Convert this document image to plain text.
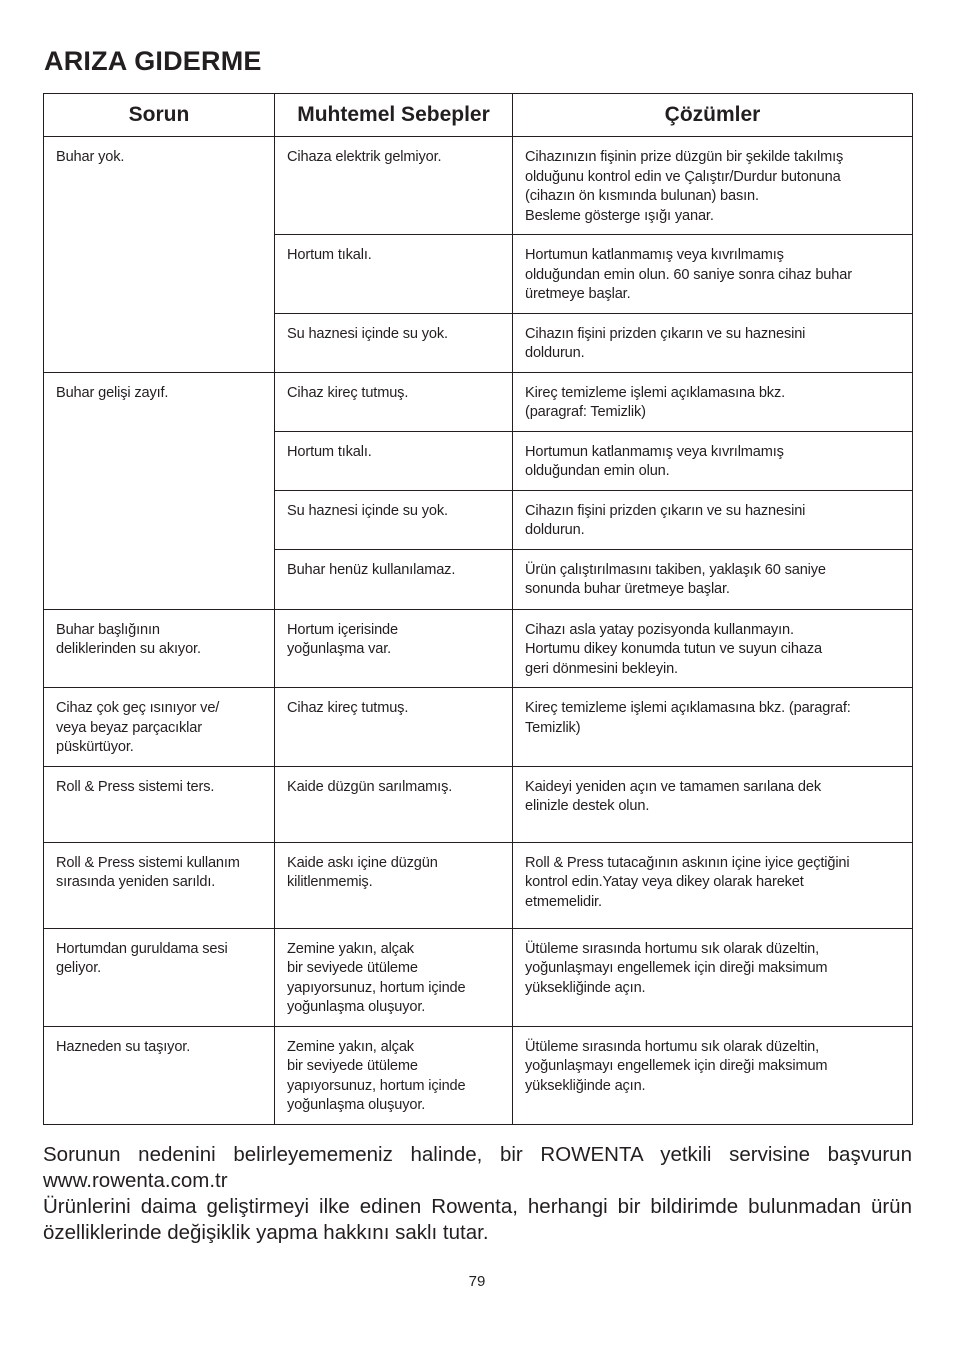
ARIZA GIDERME
Sorun	Muhtemel Sebepler	Çözümler
Buhar yok.	Cihaza elektrik gelmiyor.	Cihazınızın fişinin prize düzgün bir şekilde takılmış
olduğunu kontrol edin ve Çalıştır/Durdur butonuna
(cihazın ön kısmında bulunan) basın.
Besleme gösterge ışığı yanar.
	Hortum tıkalı.	Hortumun katlanmamış veya kıvrılmamış
olduğundan emin olun. 60 saniye sonra cihaz buhar
üretmeye başlar.
	Su haznesi içinde su yok.	Cihazın fişini prizden çıkarın ve su haznesini
doldurun.
Buhar gelişi zayıf.	Cihaz kireç tutmuş.	Kireç temizleme işlemi açıklamasına bkz.
(paragraf: Temizlik)
	Hortum tıkalı.	Hortumun katlanmamış veya kıvrılmamış
olduğundan emin olun.
	Su haznesi içinde su yok.	Cihazın fişini prizden çıkarın ve su haznesini
doldurun.
	Buhar henüz kullanılamaz.	Ürün çalıştırılmasını takiben, yaklaşık 60 saniye
sonunda buhar üretmeye başlar.
Buhar başlığının
deliklerinden su akıyor.	Hortum içerisinde
yoğunlaşma var.	Cihazı asla yatay pozisyonda kullanmayın.
Hortumu dikey konumda tutun ve suyun cihaza
geri dönmesini bekleyin.
Cihaz çok geç ısınıyor ve/
veya beyaz parçacıklar
püskürtüyor.	Cihaz kireç tutmuş.	Kireç temizleme işlemi açıklamasına bkz. (paragraf:
Temizlik)
Roll & Press sistemi ters.	Kaide düzgün sarılmamış.	Kaideyi yeniden açın ve tamamen sarılana dek
elinizle destek olun.
Roll & Press sistemi kullanım
sırasında yeniden sarıldı.	Kaide askı içine düzgün
kilitlenmemiş.	Roll & Press tutacağının askının içine iyice geçtiğini
kontrol edin.Yatay veya dikey olarak hareket
etmemelidir.
Hortumdan guruldama sesi
geliyor.	Zemine yakın, alçak
bir seviyede ütüleme
yapıyorsunuz, hortum içinde
yoğunlaşma oluşuyor.	Ütüleme sırasında hortumu sık olarak düzeltin,
yoğunlaşmayı engellemek için direği maksimum
yüksekliğinde açın.
Hazneden su taşıyor.	Zemine yakın, alçak
bir seviyede ütüleme
yapıyorsunuz, hortum içinde
yoğunlaşma oluşuyor.	Ütüleme sırasında hortumu sık olarak düzeltin,
yoğunlaşmayı engellemek için direği maksimum
yüksekliğinde açın.

Sorunun nedenini belirleyememeniz halinde, bir ROWENTA yetkili servisine başvurun

www.rowenta.com.tr

Ürünlerini daima geliştirmeyi ilke edinen Rowenta, herhangi bir bildirimde bulunmadan ürün özelliklerinde değişiklik yapma hakkını saklı tutar.

79
